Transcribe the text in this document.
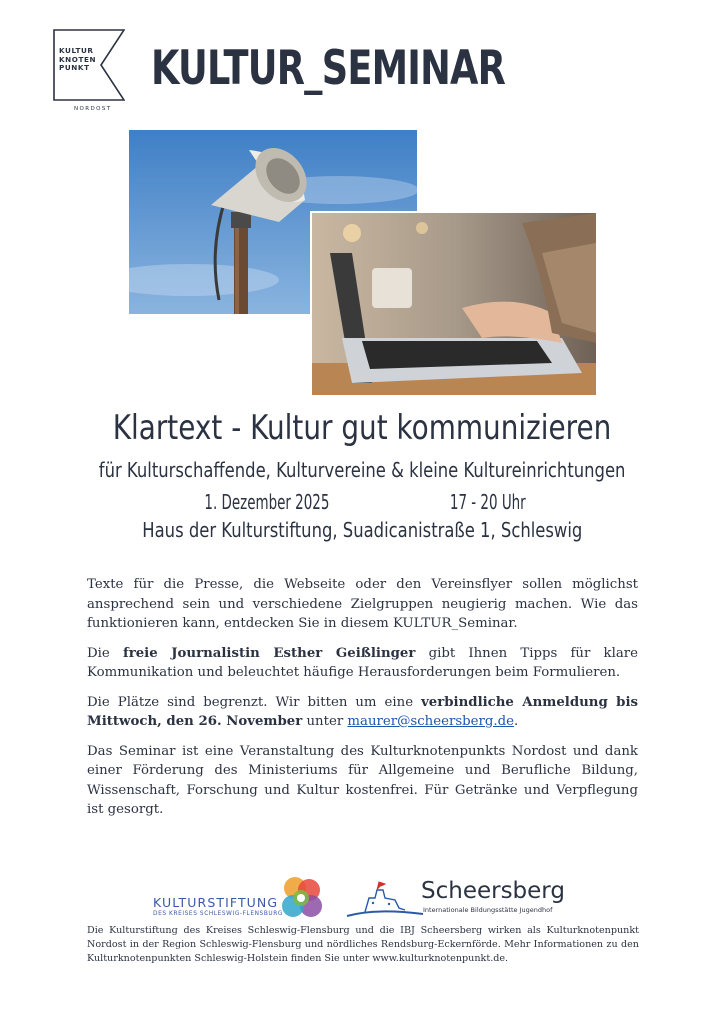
KULTUR
KNOTEN
PUNKT
NORDOST
KULTUR_SEMINAR
Klartext - Kultur gut kommunizieren
für Kulturschaffende, Kulturvereine & kleine Kultureinrichtungen
1. Dezember 2025	17 - 20 Uhr
Haus der Kulturstiftung, Suadicanistraße 1, Schleswig

Texte für die Presse, die Webseite oder den Vereinsflyer sollen möglichst ansprechend sein und verschiedene Zielgruppen neugierig machen. Wie das funktionieren kann, entdecken Sie in diesem KULTUR_Seminar.

Die freie Journalistin Esther Geißlinger gibt Ihnen Tipps für klare Kommunikation und beleuchtet häufige Herausforderungen beim Formulieren.

Die Plätze sind begrenzt. Wir bitten um eine verbindliche Anmeldung bis Mittwoch, den 26. November unter maurer@scheersberg.de.

Das Seminar ist eine Veranstaltung des Kulturknotenpunkts Nordost und dank einer Förderung des Ministeriums für Allgemeine und Berufliche Bildung, Wissenschaft, Forschung und Kultur kostenfrei. Für Getränke und Verpflegung ist gesorgt.

KULTURSTIFTUNG
DES KREISES SCHLESWIG-FLENSBURG
Scheersberg
Internationale Bildungsstätte Jugendhof
Die Kulturstiftung des Kreises Schleswig-Flensburg und die IBJ Scheersberg wirken als Kulturknotenpunkt Nordost in der Region Schleswig-Flensburg und nördliches Rendsburg-Eckernförde. Mehr Informationen zu den Kulturknotenpunkten Schleswig-Holstein finden Sie unter www.kulturknotenpunkt.de.
